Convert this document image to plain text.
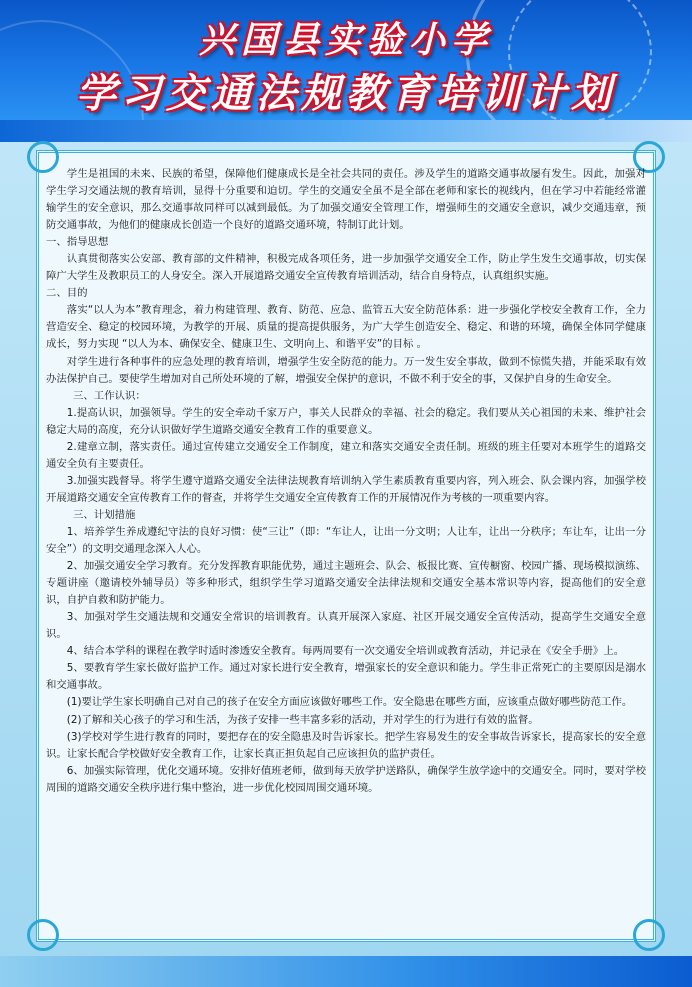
兴国县实验小学
学习交通法规教育培训计划

学生是祖国的未来、民族的希望，保障他们健康成长是全社会共同的责任。涉及学生的道路交通事故屡有发生。因此，加强对学生学习交通法规的教育培训，显得十分重要和迫切。学生的交通安全虽不是全部在老师和家长的视线内，但在学习中若能经常灌输学生的安全意识，那么交通事故同样可以减到最低。为了加强交通安全管理工作，增强师生的交通安全意识，减少交通违章，预防交通事故，为他们的健康成长创造一个良好的道路交通环境，特制订此计划。

一、指导思想

认真贯彻落实公安部、教育部的文件精神，积极完成各项任务，进一步加强学交通安全工作，防止学生发生交通事故，切实保障广大学生及教职员工的人身安全。深入开展道路交通安全宣传教育培训活动，结合自身特点，认真组织实施。

二、目的

落实“以人为本”教育理念，着力构建管理、教育、防范、应急、监管五大安全防范体系：进一步强化学校安全教育工作，全力营造安全、稳定的校园环境，为教学的开展、质量的提高提供服务，为广大学生创造安全、稳定、和谐的环境，确保全体同学健康成长，努力实现 “以人为本、确保安全、健康卫生、文明向上、和谐平安”的目标 。

对学生进行各种事件的应急处理的教育培训，增强学生安全防范的能力。万一发生安全事故，做到不惊慌失措，并能采取有效办法保护自己。要使学生增加对自己所处环境的了解，增强安全保护的意识，不做不利于安全的事，又保护自身的生命安全。

三、工作认识：

1.提高认识，加强领导。学生的安全牵动千家万户，事关人民群众的幸福、社会的稳定。我们要从关心祖国的未来、维护社会稳定大局的高度，充分认识做好学生道路交通安全教育工作的重要意义。

2.建章立制，落实责任。通过宣传建立交通安全工作制度，建立和落实交通安全责任制。班级的班主任要对本班学生的道路交通安全负有主要责任。

3.加强实践督导。将学生遵守道路交通安全法律法规教育培训纳入学生素质教育重要内容，列入班会、队会课内容，加强学校开展道路交通安全宣传教育工作的督查，并将学生交通安全宣传教育工作的开展情况作为考核的一项重要内容。

三、计划措施

1、培养学生养成遵纪守法的良好习惯：使“三让”（即：“车让人，让出一分文明；人让车，让出一分秩序；车让车，让出一分安全”）的文明交通理念深入人心。

2、加强交通安全学习教育。充分发挥教育职能优势，通过主题班会、队会、板报比赛、宣传橱窗、校园广播、现场模拟演练、专题讲座（邀请校外辅导员）等多种形式，组织学生学习道路交通安全法律法规和交通安全基本常识等内容，提高他们的安全意识，自护自救和防护能力。

3、加强对学生交通法规和交通安全常识的培训教育。认真开展深入家庭、社区开展交通安全宣传活动，提高学生交通安全意识。

4、结合本学科的课程在教学时适时渗透安全教育。每两周要有一次交通安全培训或教育活动，并记录在《安全手册》上。

5、要教育学生家长做好监护工作。通过对家长进行安全教育，增强家长的安全意识和能力。学生非正常死亡的主要原因是溺水和交通事故。

(1)要让学生家长明确自己对自己的孩子在安全方面应该做好哪些工作。安全隐患在哪些方面，应该重点做好哪些防范工作。

(2)了解和关心孩子的学习和生活，为孩子安排一些丰富多彩的活动，并对学生的行为进行有效的监督。

(3)学校对学生进行教育的同时，要把存在的安全隐患及时告诉家长。把学生容易发生的安全事故告诉家长，提高家长的安全意识。让家长配合学校做好安全教育工作，让家长真正担负起自己应该担负的监护责任。

6、加强实际管理，优化交通环境。安排好值班老师，做到每天放学护送路队，确保学生放学途中的交通安全。同时，要对学校周围的道路交通安全秩序进行集中整治，进一步优化校园周围交通环境。
